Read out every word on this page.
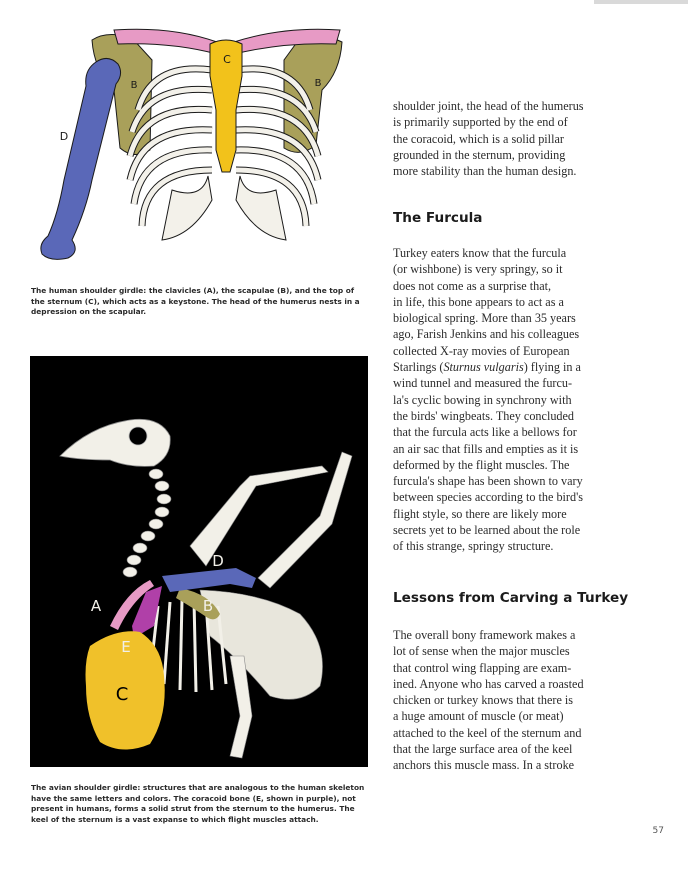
C
B	B
D
The human shoulder girdle: the clavicles (A), the scapulae (B), and the top of the sternum (C), which acts as a keystone. The head of the humerus nests in a depression on the scapular.
A	B
C
D
E
The avian shoulder girdle: structures that are analogous to the human skeleton have the same letters and colors. The coracoid bone (E, shown in purple), not present in humans, forms a solid strut from the sternum to the humerus. The keel of the sternum is a vast expanse to which flight muscles attach.
shoulder joint, the head of the humerus
is primarily supported by the end of
the coracoid, which is a solid pillar
grounded in the sternum, providing
more stability than the human design.
The Furcula
Turkey eaters know that the furcula
(or wishbone) is very springy, so it
does not come as a surprise that,
in life, this bone appears to act as a
biological spring. More than 35 years
ago, Farish Jenkins and his colleagues
collected X-ray movies of European
Starlings (Sturnus vulgaris) flying in a
wind tunnel and measured the furcu-
la's cyclic bowing in synchrony with
the birds' wingbeats. They concluded
that the furcula acts like a bellows for
an air sac that fills and empties as it is
deformed by the flight muscles. The
furcula's shape has been shown to vary
between species according to the bird's
flight style, so there are likely more
secrets yet to be learned about the role
of this strange, springy structure.
Lessons from Carving a Turkey
The overall bony framework makes a
lot of sense when the major muscles
that control wing flapping are exam-
ined. Anyone who has carved a roasted
chicken or turkey knows that there is
a huge amount of muscle (or meat)
attached to the keel of the sternum and
that the large surface area of the keel
anchors this muscle mass. In a stroke
57
